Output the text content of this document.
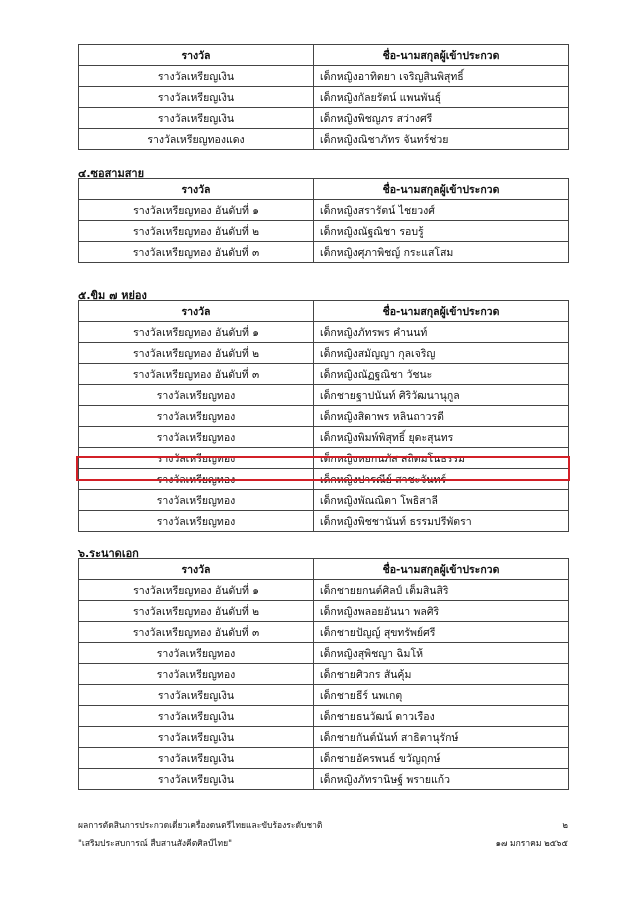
รางวัล	ชื่อ-นามสกุลผู้เข้าประกวด
รางวัลเหรียญเงิน	เด็กหญิงอาทิตยา เจริญสินพิสุทธิ์
รางวัลเหรียญเงิน	เด็กหญิงกัลยรัตน์ แพนพันธุ์
รางวัลเหรียญเงิน	เด็กหญิงพิชญภร สว่างศรี
รางวัลเหรียญทองแดง	เด็กหญิงณิชาภัทร จันทร์ช่วย
๔.ซอสามสาย
รางวัล	ชื่อ-นามสกุลผู้เข้าประกวด
รางวัลเหรียญทอง อันดับที่ ๑	เด็กหญิงสรารัตน์ ไชยวงศ์
รางวัลเหรียญทอง อันดับที่ ๒	เด็กหญิงณัฐณิชา รอบรู้
รางวัลเหรียญทอง อันดับที่ ๓	เด็กหญิงศุภาพิชญ์ กระแสโสม
๕.ขิม ๗ หย่อง
รางวัล	ชื่อ-นามสกุลผู้เข้าประกวด
รางวัลเหรียญทอง อันดับที่ ๑	เด็กหญิงภัทรพร คำนนท์
รางวัลเหรียญทอง อันดับที่ ๒	เด็กหญิงสมัญญา กุลเจริญ
รางวัลเหรียญทอง อันดับที่ ๓	เด็กหญิงณัฏฐณิชา วัชนะ
รางวัลเหรียญทอง	เด็กชายฐาปนันท์ ศิริวัฒนานุกูล
รางวัลเหรียญทอง	เด็กหญิงสิดาพร หลินถาวรดี
รางวัลเหรียญทอง	เด็กหญิงพิมพ์พิสุทธิ์ ยุดะสุนทร
รางวัลเหรียญทอง	เด็กหญิงหยกนภัส สถิตมโนธรรม
รางวัลเหรียญทอง	เด็กหญิงปารณีย์ สาชะจันทร์
รางวัลเหรียญทอง	เด็กหญิงพัณณิตา โพธิสาลี
รางวัลเหรียญทอง	เด็กหญิงพิชชานันท์ ธรรมปรีพัตรา
๖.ระนาดเอก
รางวัล	ชื่อ-นามสกุลผู้เข้าประกวด
รางวัลเหรียญทอง อันดับที่ ๑	เด็กชายยกนต์ศิลป์ เต็มสินสิริ
รางวัลเหรียญทอง อันดับที่ ๒	เด็กหญิงพลอยอันนา พลศิริ
รางวัลเหรียญทอง อันดับที่ ๓	เด็กชายปัญญ์ สุขทรัพย์ศรี
รางวัลเหรียญทอง	เด็กหญิงสุพิชญา ฉิมโห้
รางวัลเหรียญทอง	เด็กชายศิวกร สันคุ้ม
รางวัลเหรียญเงิน	เด็กชายธีร์ นพเกตุ
รางวัลเหรียญเงิน	เด็กชายธนวัฒน์ ดาวเรือง
รางวัลเหรียญเงิน	เด็กชายกันต์นันท์ สาธิตานุรักษ์
รางวัลเหรียญเงิน	เด็กชายอัครพนธ์ ขวัญฤกษ์
รางวัลเหรียญเงิน	เด็กหญิงภัทรานิษฐ์ พรายแก้ว
ผลการตัดสินการประกวดเดี่ยวเครื่องดนตรีไทยและขับร้องระดับชาติ	๒
"เสริมประสบการณ์ สืบสานสังคีตศิลป์ไทย"	๑๗ มกราคม ๒๕๖๕
